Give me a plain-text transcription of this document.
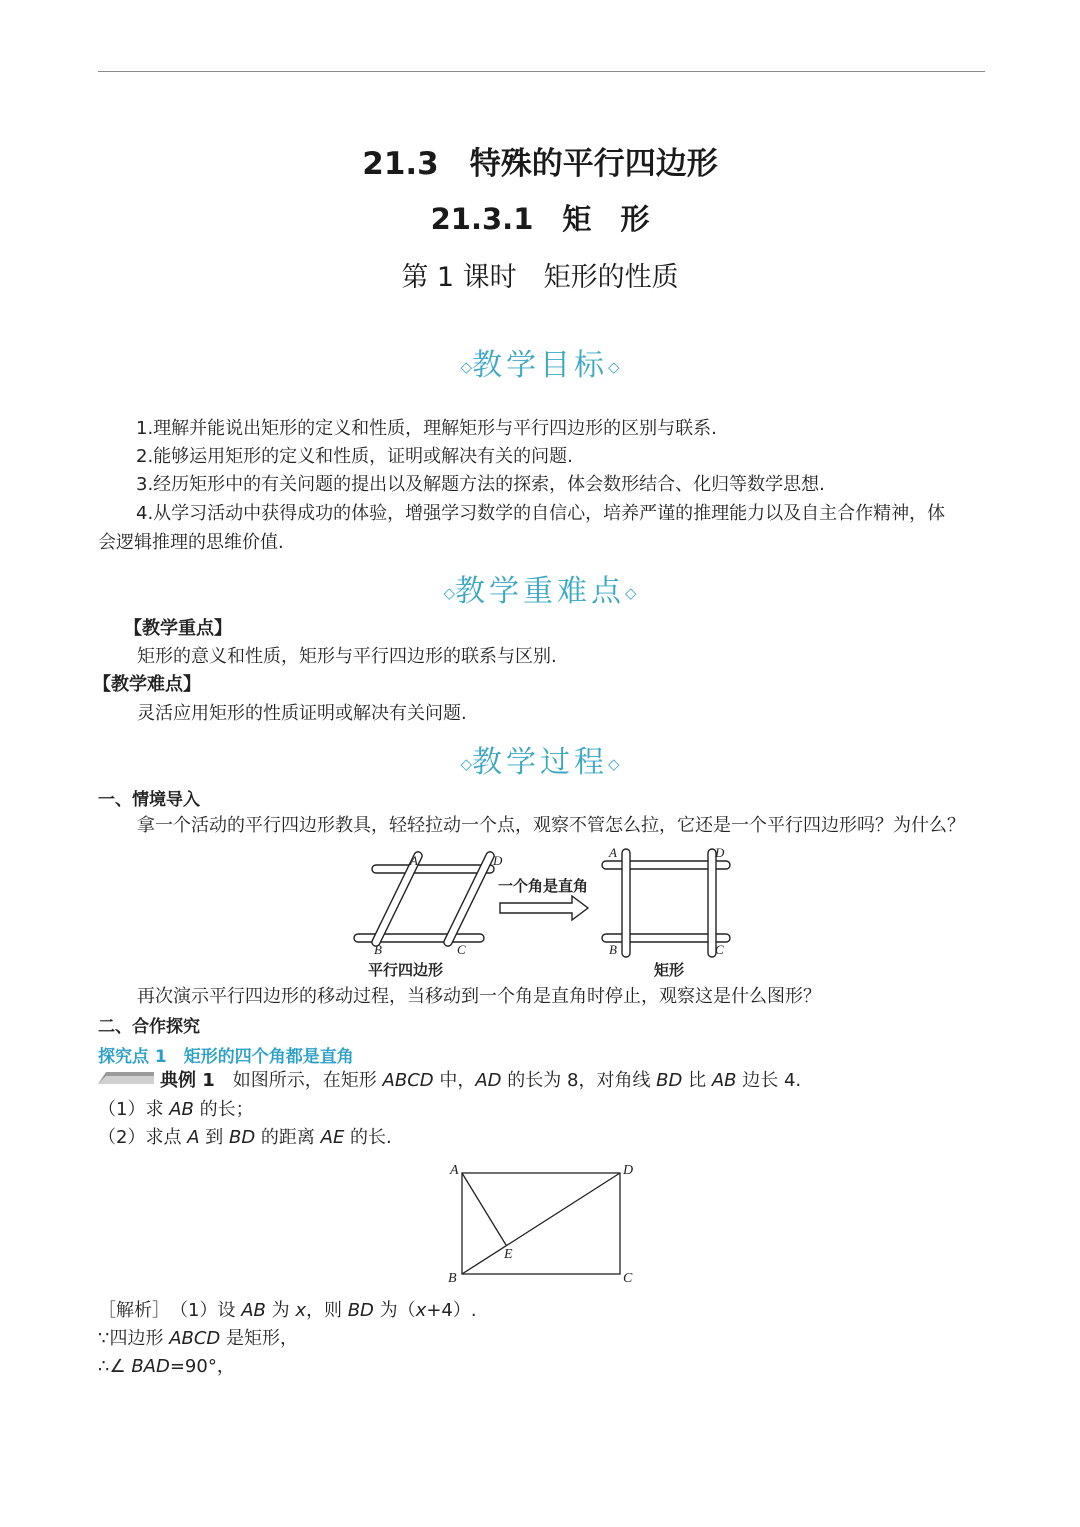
21.3　特殊的平行四边形
21.3.1　矩　形
第 1 课时　矩形的性质
◇教学目标◇
1.理解并能说出矩形的定义和性质，理解矩形与平行四边形的区别与联系.
2.能够运用矩形的定义和性质，证明或解决有关的问题.
3.经历矩形中的有关问题的提出以及解题方法的探索，体会数形结合、化归等数学思想.
4.从学习活动中获得成功的体验，增强学习数学的自信心，培养严谨的推理能力以及自主合作精神，体
会逻辑推理的思维价值.
◇教学重难点◇
【教学重点】
矩形的意义和性质，矩形与平行四边形的联系与区别.
【教学难点】
灵活应用矩形的性质证明或解决有关问题.
◇教学过程◇
一、情境导入
拿一个活动的平行四边形教具，轻轻拉动一个点，观察不管怎么拉，它还是一个平行四边形吗？为什么？
A	D
B	C
A	D
B	C
一个角是直角
平行四边形	矩形
再次演示平行四边形的移动过程，当移动到一个角是直角时停止，观察这是什么图形？
二、合作探究
探究点 1　矩形的四个角都是直角
典例 1　 如图所示，在矩形 ABCD 中，AD 的长为 8，对角线 BD 比 AB 边长 4.
（1）求 AB 的长；
（2）求点 A 到 BD 的距离 AE 的长.
A	D
B	C
E
［解析］　 （1）设 AB 为 x，则 BD 为（x+4）.
∵四边形 ABCD 是矩形，
∴∠ BAD=90°，
